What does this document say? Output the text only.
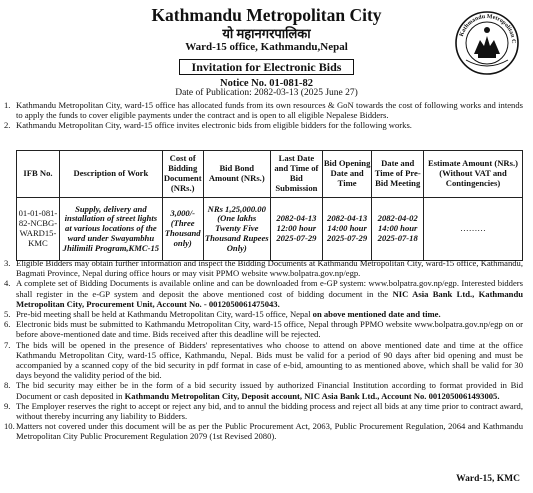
Kathmandu Metropolitan C
Kathmandu Metropolitan City
यो महानगरपालिका
Ward-15 office, Kathmandu,Nepal
Invitation for Electronic Bids
Notice No. 01-081-82
Date of Publication: 2082-03-13 (2025 June 27)
1. Kathmandu Metropolitan City, ward-15 office has allocated funds from its own resources & GoN towards the cost of following works and intends to apply the funds to cover eligible payments under the contract and is open to all eligible Nepalese Bidders.
2. Kathmandu Metropolitan City, ward-15 office invites electronic bids from eligible bidders for the following works.
IFB No.	Description of Work	Cost of Bidding Document (NRs.)	Bid Bond Amount (NRs.)	Last Date and Time of Bid Submission	Bid Opening Date and Time	Date and Time of Pre-Bid Meeting	Estimate Amount (NRs.) (Without VAT and Contingencies)
01-01-081-82-NCBG-WARD15-KMC	Supply, delivery and installation of street lights at various locations of the ward under Swayambhu Jhilimili Program,KMC-15	3,000/- (Three Thousand only)	NRs 1,25,000.00 (One lakhs Twenty Five Thousand Rupees Only)	2082-04-13 12:00 hour 2025-07-29	2082-04-13 14:00 hour 2025-07-29	2082-04-02 14:00 hour 2025-07-18	………
3. Eligible Bidders may obtain further information and inspect the Bidding Documents at Kathmandu Metropolitan City, ward-15 office, Kathmandu, Bagmati Province, Nepal during office hours or may visit PPMO website www.bolpatra.gov.np/egp.
4. A complete set of Bidding Documents is available online and can be downloaded from e-GP system: www.bolpatra.gov.np/egp. Interested bidders shall register in the e-GP system and deposit the above mentioned cost of bidding document in the NIC Asia Bank Ltd., Kathmandu Metropolitan City, Procurement Unit, Account No. - 0012050061475043.
5. Pre-bid meeting shall be held at Kathmandu Metropolitan City, ward-15 office, Nepal on above mentioned date and time.
6. Electronic bids must be submitted to Kathmandu Metropolitan City, ward-15 office, Nepal through PPMO website www.bolpatra.gov.np/egp on or before above-mentioned date and time. Bids received after this deadline will be rejected.
7. The bids will be opened in the presence of Bidders' representatives who choose to attend on above mentioned date and time at the office Kathmandu Metropolitan City, ward-15 office, Kathmandu, Nepal. Bids must be valid for a period of 90 days after bid opening and must be accompanied by a scanned copy of the bid security in pdf format in case of e-bid, amounting to as mentioned above, which shall be valid for 30 days beyond the validity period of the bid.
8. The bid security may either be in the form of a bid security issued by authorized Financial Institution according to format provided in Bid Document or cash deposited in Kathmandu Metropolitan City, Deposit account, NIC Asia Bank Ltd., Account No. 0012050061493005.
9. The Employer reserves the right to accept or reject any bid, and to annul the bidding process and reject all bids at any time prior to contract award, without thereby incurring any liability to Bidders.
10. Matters not covered under this document will be as per the Public Procurement Act, 2063, Public Procurement Regulation, 2064 and Kathmandu Metropolitan City Public Procurement Regulation 2079 (1st Revised 2080).
Ward-15, KMC
